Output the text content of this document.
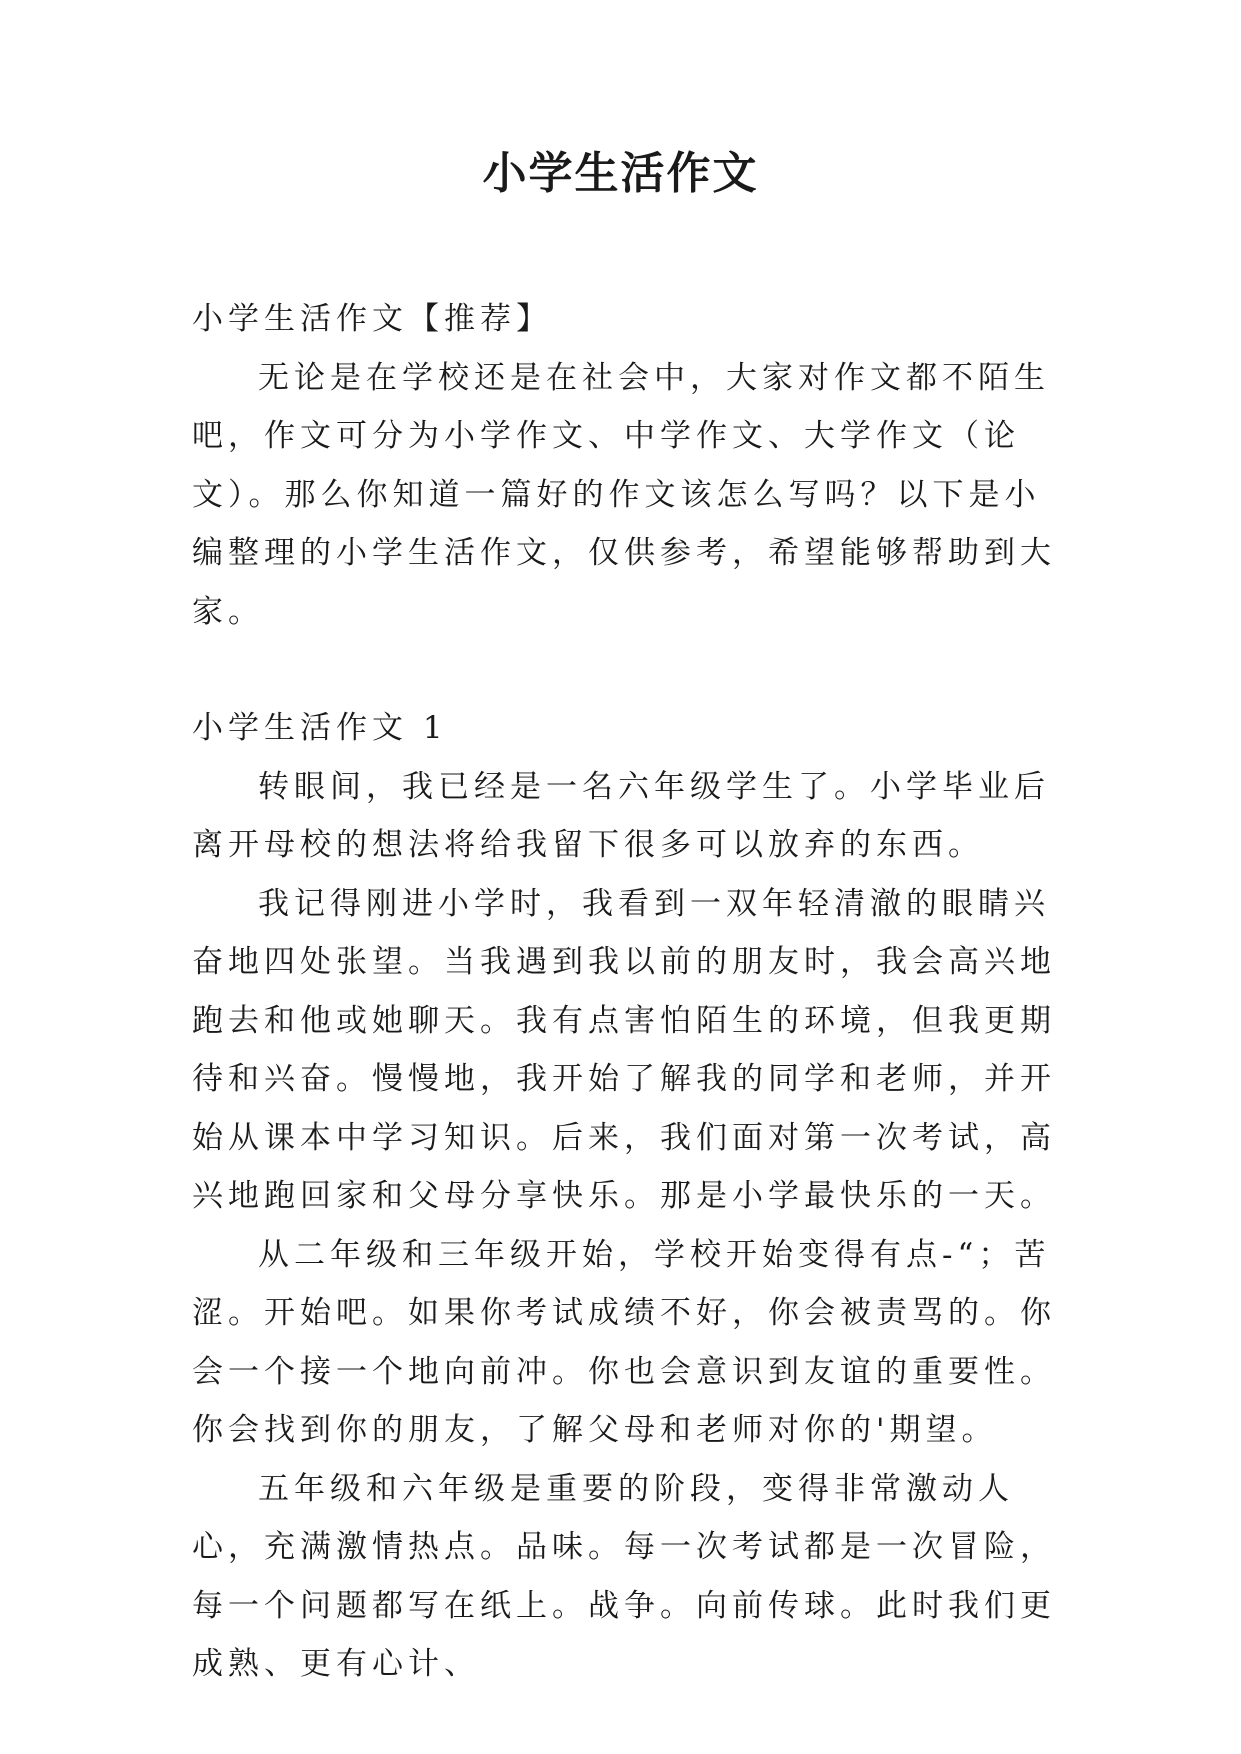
小学生活作文

小学生活作文【推荐】

无论是在学校还是在社会中，大家对作文都不陌生吧，作文可分为小学作文、中学作文、大学作文（论文）。那么你知道一篇好的作文该怎么写吗？以下是小编整理的小学生活作文，仅供参考，希望能够帮助到大家。

小学生活作文 1

转眼间，我已经是一名六年级学生了。小学毕业后离开母校的想法将给我留下很多可以放弃的东西。

我记得刚进小学时，我看到一双年轻清澈的眼睛兴奋地四处张望。当我遇到我以前的朋友时，我会高兴地跑去和他或她聊天。我有点害怕陌生的环境，但我更期待和兴奋。慢慢地，我开始了解我的同学和老师，并开始从课本中学习知识。后来，我们面对第一次考试，高兴地跑回家和父母分享快乐。那是小学最快乐的一天。

从二年级和三年级开始，学校开始变得有点-“；苦涩。开始吧。如果你考试成绩不好，你会被责骂的。你会一个接一个地向前冲。你也会意识到友谊的重要性。你会找到你的朋友，了解父母和老师对你的'期望。

五年级和六年级是重要的阶段，变得非常激动人心，充满激情热点。品味。每一次考试都是一次冒险，每一个问题都写在纸上。战争。向前传球。此时我们更成熟、更有心计、
